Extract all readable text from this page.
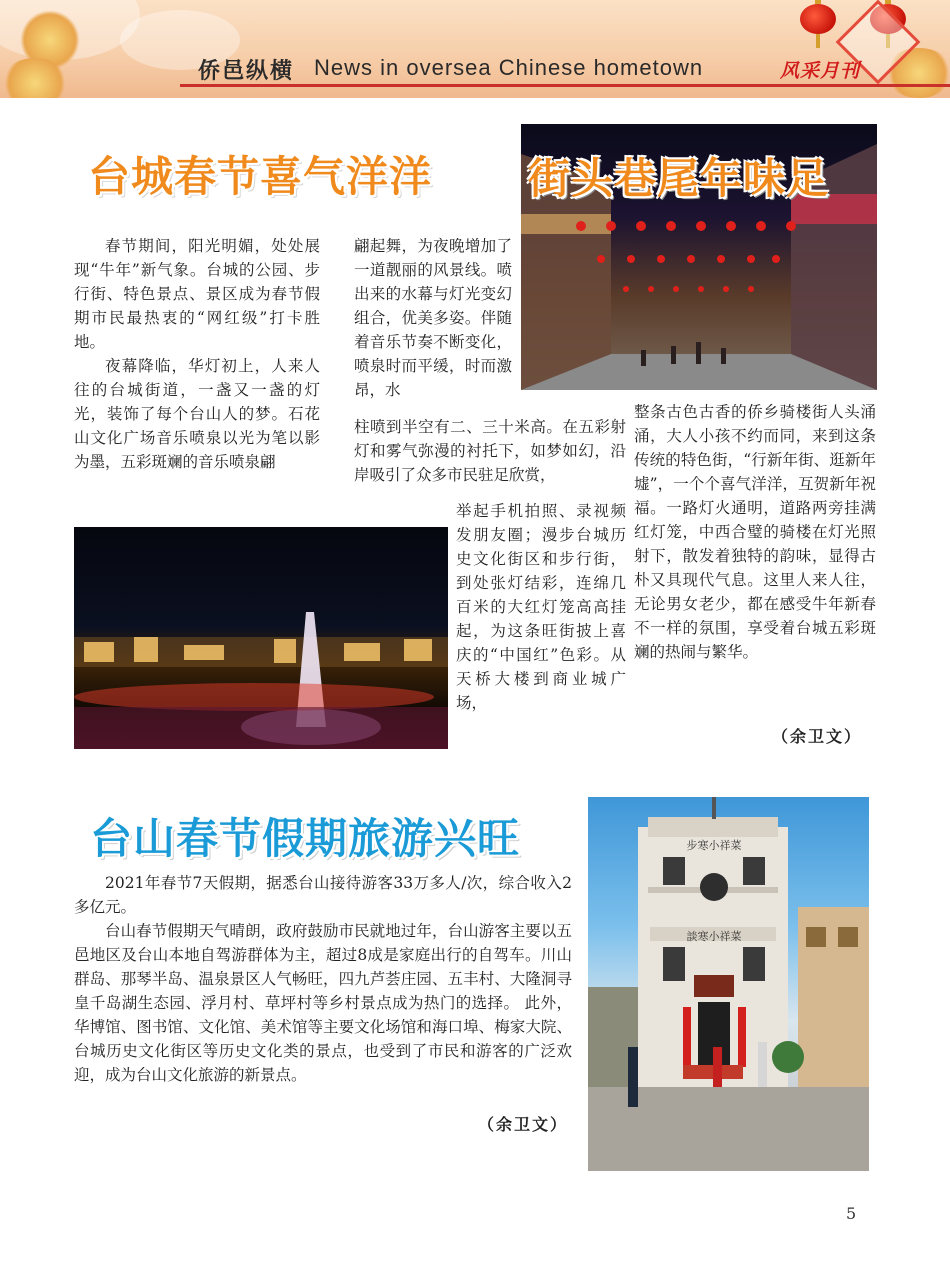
侨邑纵横 News in oversea Chinese hometown	风采月刊
台城春节喜气洋洋 街头巷尾年味足

春节期间，阳光明媚，处处展现“牛年”新气象。台城的公园、步行街、特色景点、景区成为春节假期市民最热衷的“网红级”打卡胜地。

夜幕降临，华灯初上，人来人往的台城街道，一盏又一盏的灯光，装饰了每个台山人的梦。石花山文化广场音乐喷泉以光为笔以影为墨，五彩斑斓的音乐喷泉翩

翩起舞，为夜晚增加了一道靓丽的风景线。喷出来的水幕与灯光变幻组合，优美多姿。伴随着音乐节奏不断变化，喷泉时而平缓，时而激昂，水

柱喷到半空有二、三十米高。在五彩射灯和雾气弥漫的衬托下，如梦如幻，沿岸吸引了众多市民驻足欣赏，

举起手机拍照、录视频发朋友圈；漫步台城历史文化街区和步行街，到处张灯结彩，连绵几百米的大红灯笼高高挂起，为这条旺街披上喜庆的“中国红”色彩。从天桥大楼到商业城广场，

整条古色古香的侨乡骑楼街人头涌涌，大人小孩不约而同，来到这条传统的特色街，“行新年街、逛新年墟”，一个个喜气洋洋，互贺新年祝福。一路灯火通明，道路两旁挂满红灯笼，中西合璧的骑楼在灯光照射下，散发着独特的韵味，显得古朴又具现代气息。这里人来人往，无论男女老少，都在感受牛年新春不一样的氛围，享受着台城五彩斑斓的热闹与繁华。

（余卫文）
台山春节假期旅游兴旺

2021年春节7天假期，据悉台山接待游客33万多人/次，综合收入2多亿元。

台山春节假期天气晴朗，政府鼓励市民就地过年，台山游客主要以五邑地区及台山本地自驾游群体为主，超过8成是家庭出行的自驾车。川山群岛、那琴半岛、温泉景区人气畅旺，四九芦荟庄园、五丰村、大隆洞寻皇千岛湖生态园、浮月村、草坪村等乡村景点成为热门的选择。 此外，华博馆、图书馆、文化馆、美术馆等主要文化场馆和海口埠、梅家大院、台城历史文化街区等历史文化类的景点，也受到了市民和游客的广泛欢迎，成为台山文化旅游的新景点。

（余卫文）
步寒小祥菜
談寒小祥菜
5
